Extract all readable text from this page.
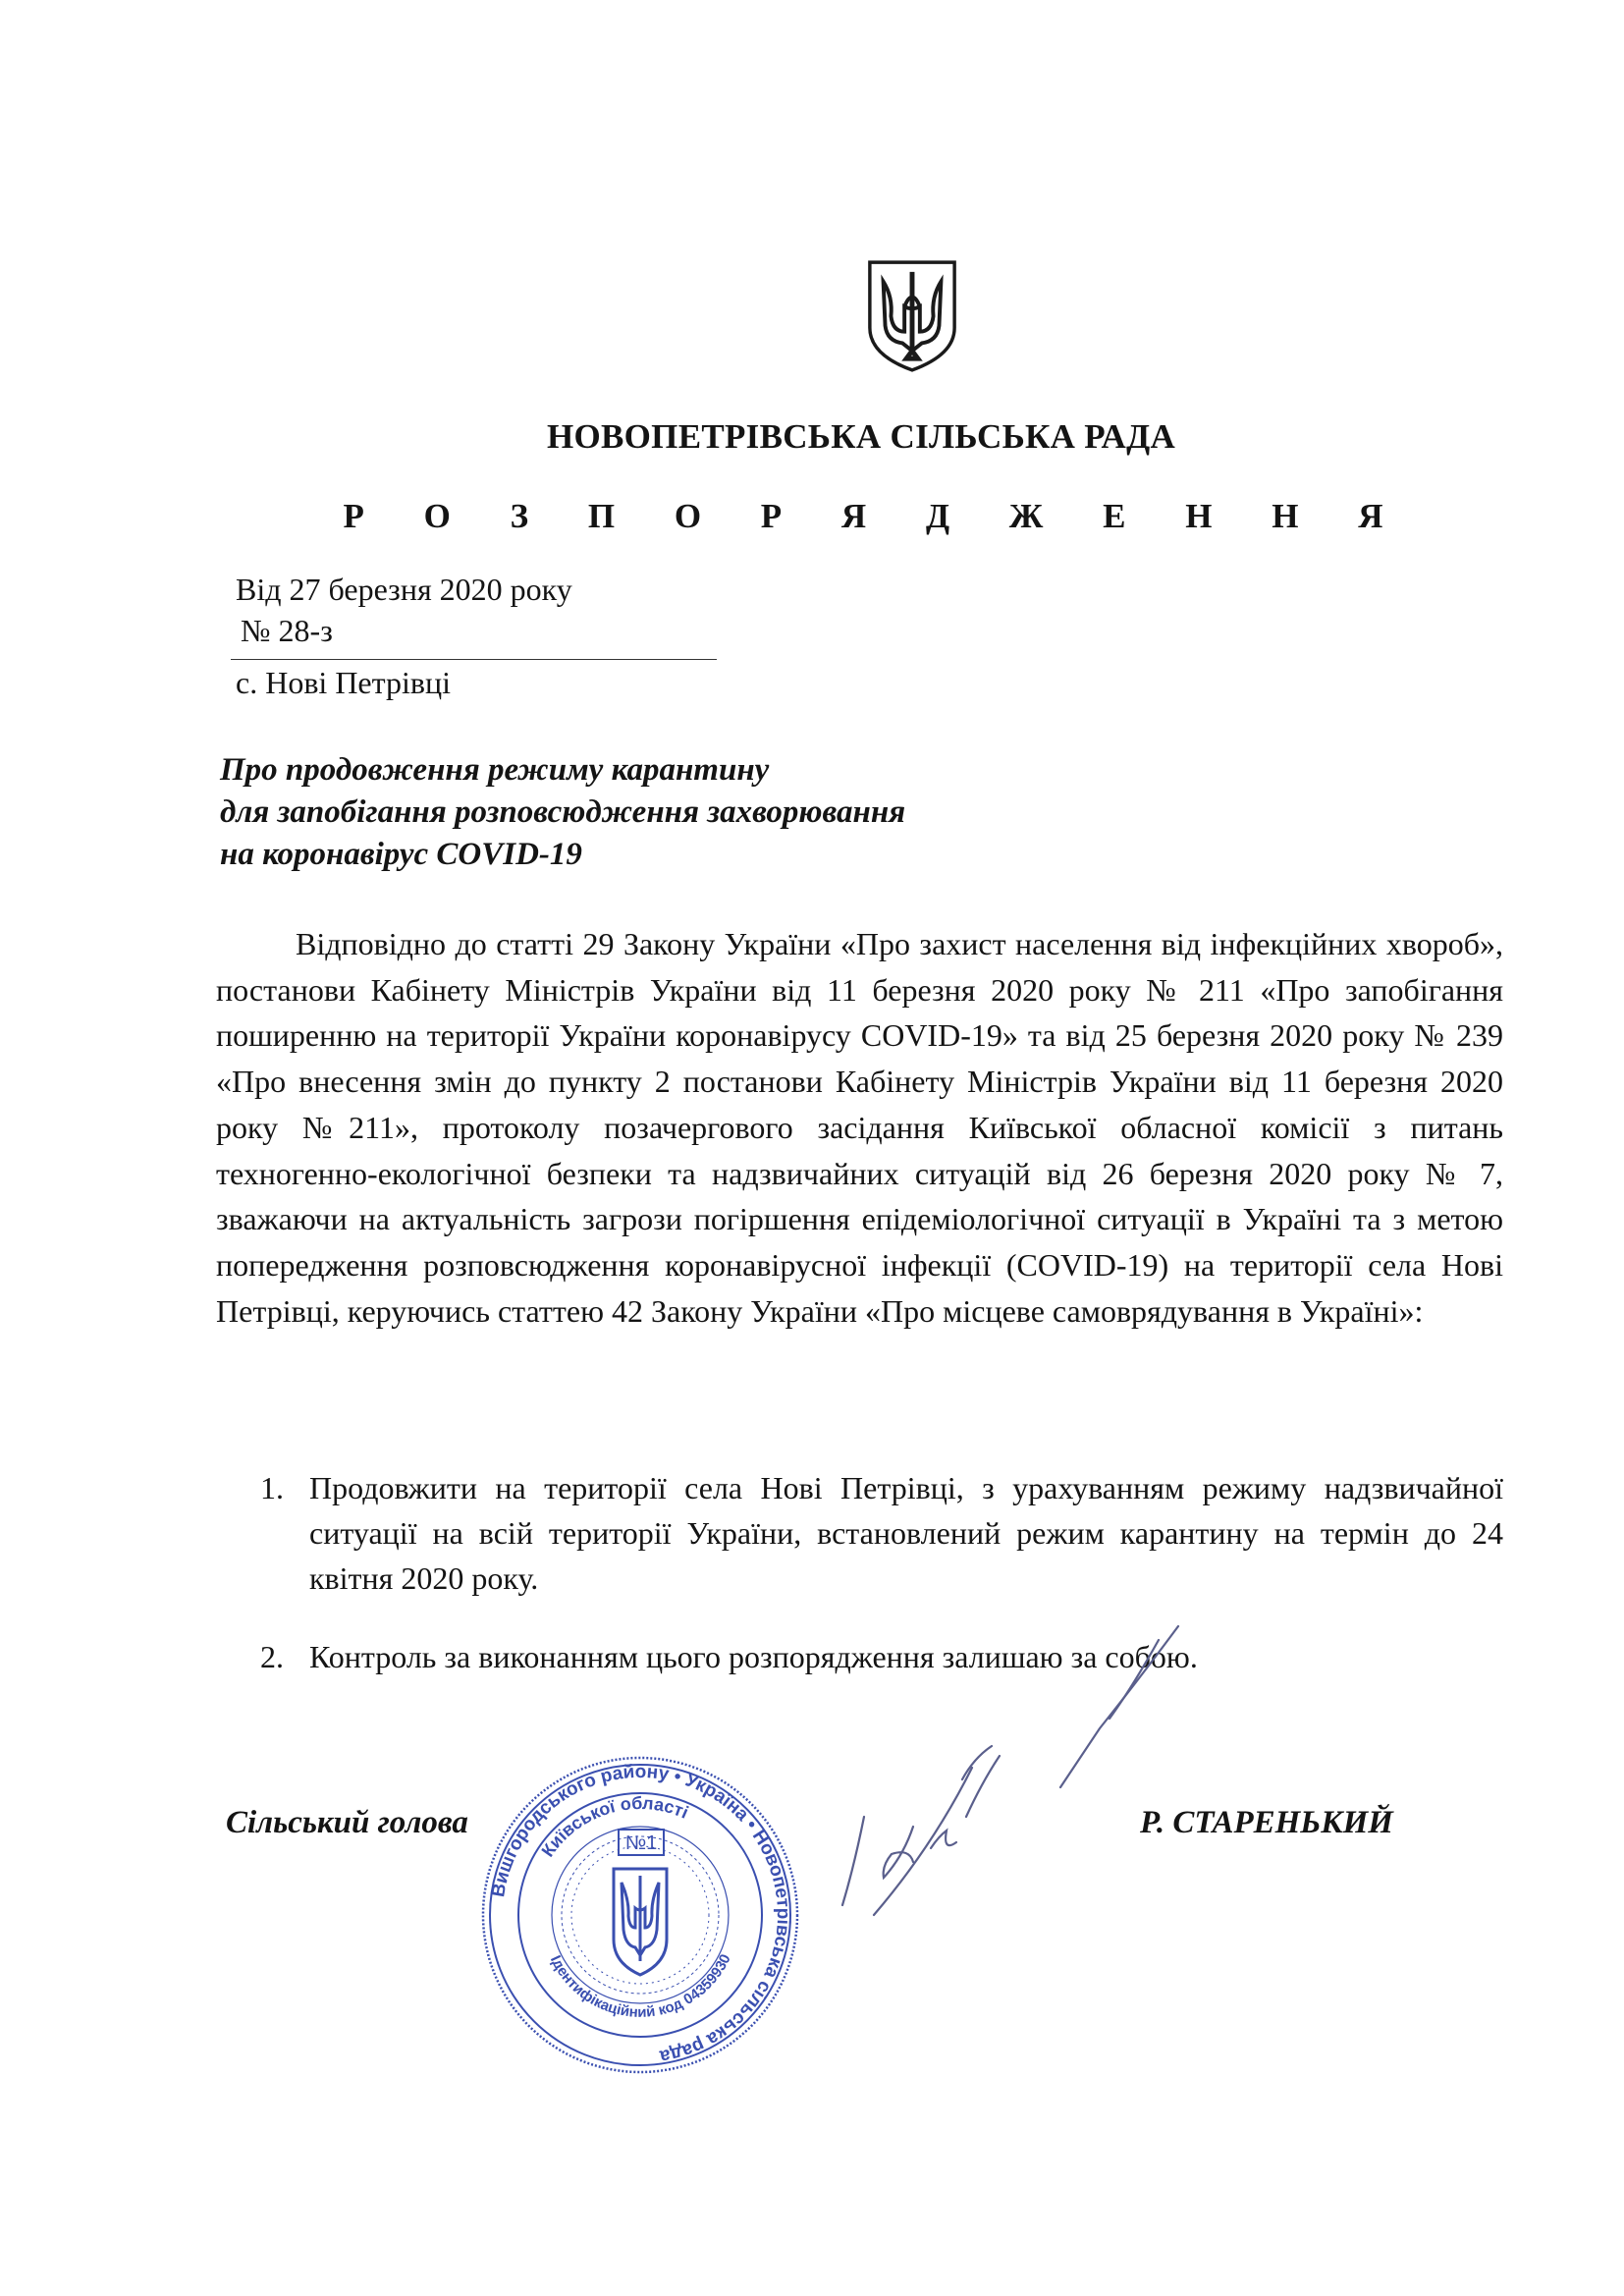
НОВОПЕТРІВСЬКА СІЛЬСЬКА РАДА
Р О З П О Р Я Д Ж Е Н Н Я
Від 27 березня 2020 року
№ 28-з
с. Нові Петрівці
Про продовження режиму карантину
для запобігання розповсюдження захворювання
на коронавірус COVID-19
Відповідно до статті 29 Закону України «Про захист населення від інфекційних хвороб», постанови Кабінету Міністрів України від 11 березня 2020 року № 211 «Про запобігання поширенню на території України коронавірусу COVID-19» та від 25 березня 2020 року № 239 «Про внесення змін до пункту 2 постанови Кабінету Міністрів України від 11 березня 2020 року №211», протоколу позачергового засідання Київської обласної комісії з питань техногенно-екологічної безпеки та надзвичайних ситуацій від 26 березня 2020 року № 7, зважаючи на актуальність загрози погіршення епідеміологічної ситуації в Україні та з метою попередження розповсюдження коронавірусної інфекції (COVID-19) на території села Нові Петрівці, керуючись статтею 42 Закону України «Про місцеве самоврядування в Україні»:
1. Продовжити на території села Нові Петрівці, з урахуванням режиму надзвичайної ситуації на всій території України, встановлений режим карантину на термін до 24 квітня 2020 року.
2. Контроль за виконанням цього розпорядження залишаю за собою.
Сільський голова	Р. СТАРЕНЬКИЙ
Вишгородського району • Україна • Новопетрівська сільська рада
Київської області
Ідентифікаційний код 04359930
№1
